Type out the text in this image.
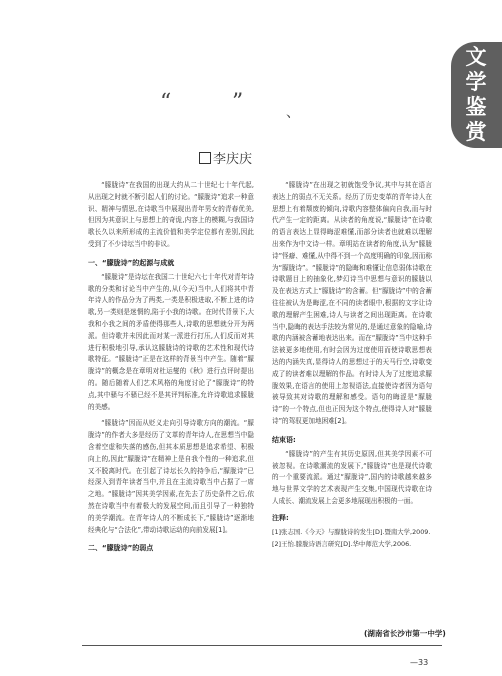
文
学
鉴
赏
“	”	、
李庆庆

“朦胧诗”在我国的出现大约从二十世纪七十年代起,从出现之时就不断引起人们的讨论。“朦胧诗”追求一种意识、精神与情思,在诗歌当中展现出青年男女的青春优美,但因为其意识上与思想上的奇诡,内容上的模糊,与我国诗歌长久以来所形成的主流价值和美学定位都有差别,因此受到了不少诗坛当中的非议。

一、“朦胧诗”的起源与成就

“朦胧诗”是诗坛在我国二十世纪六七十年代对青年诗歌的分类和讨论当中产生的,从(今天)当中,人们将其中青年诗人的作品分为了两类,一类是积极进取,不断上进的诗歌,另一类则是迷惘的,陷于小我的诗歌。在时代背景下,大我和小我之间的矛盾使得那些人,诗歌的思想就分开为两派。但诗歌并未因此而对某一派进行打压,人们反而对其进行积极地引导,承认这朦胧诗的诗歌的艺术性和现代诗歌特征。“朦胧诗”正是在这样的背景当中产生。随着“朦胧诗”的概念是在章明对杜运燮的《秋》进行点评时提出的。随后随着人们艺术风格的角度讨论了“朦胧诗”的特点,其中骚与不骚已经不是其评判标准,允许诗歌追求朦胧的美感。

“朦胧诗”因而从贬义走向引导诗歌方向的潮流。“朦胧诗”的作者大多是经历了文革的青年诗人,在思想当中隐含着空虚和失落的感伤,但其本质思想是追求希望、积极向上的,因此“朦胧诗”在精神上是自我个性的一种追求,但又不脱离时代。在引起了诗坛长久的持争后,“朦胧诗”已经深入到青年读者当中,并且在主流诗歌当中占据了一席之地。“朦胧诗”因其美学因素,在先去了历史条件之后,依然在诗歌当中有着极大的发展空间,而且引导了一种独特的美学潮流。在青年诗人的不断成长下,“朦胧诗”逐渐地经典化与“合法化”,带动诗歌运动的向前发展[1]。

二、“朦胧诗”的弱点

“朦胧诗”在出现之初就饱受争议,其中与其在语言表达上的弱点不无关系。经历了历史变革的青年诗人在思想上有着颓废的倾向,诗歌内容整体偏向自我,而与时代产生一定的距离。从读者的角度说,“朦胧诗”在诗歌的语言表达上显得晦涩难懂,而部分读者也就难以理解出来作为中文诗一样。章明站在读者的角度,认为“朦胧诗”怪癖、难懂,从中得不到一个高度明确的印象,因而称为“朦胧诗”。“朦胧诗”的隐晦和难懂让信息弱体诗歌在诗歌题目上的抽象化,梦幻诗当中思想与意识的朦胧以及在表达方式上“朦胧诗”的含蓄。但“朦胧诗”中的含蓄往往被认为是晦涩,在不同的读者眼中,根据的文字让诗歌的理解产生困难,诗人与读者之间出现距离。在诗歌当中,隐晦的表达手法较为常见的,是通过意象的隐喻,诗歌的内涵被含蓄地表达出来。而在“朦胧诗”当中这种手法被更多地使用,有时会因为过度使用而使诗歌思想表达的内涵失真,显得诗人的思想过于的天马行空,诗歌变成了的读者难以理解的作品。有时诗人为了过度追求朦胧效果,在语言的使用上忽视语法,直接使诗者因为语句被导致其对诗歌的理解和感受。语句的晦涩是“朦胧诗”的一个特点,但也正因为这个特点,使得诗人对“朦胧诗”的驾驭更加地困难[2]。

结束语:

“朦胧诗”的产生有其历史原因,但其美学因素不可被忽视。在诗歌潮流的发展下,“朦胧诗”也是现代诗歌的一个重要流派。通过“朦胧诗”,国内的诗歌越来越多地与世界文学的艺术表现产生交集,中国现代诗歌在诗人成长、潮流发展上会更多地展现出积极的一面。

注释:
[1]张志国.《今天》与朦胧诗的发生[D].暨南大学,2009.
[2]王怡.朦胧诗语言研究[D].华中师范大学,2006.
(湖南省长沙市第一中学)
—33
